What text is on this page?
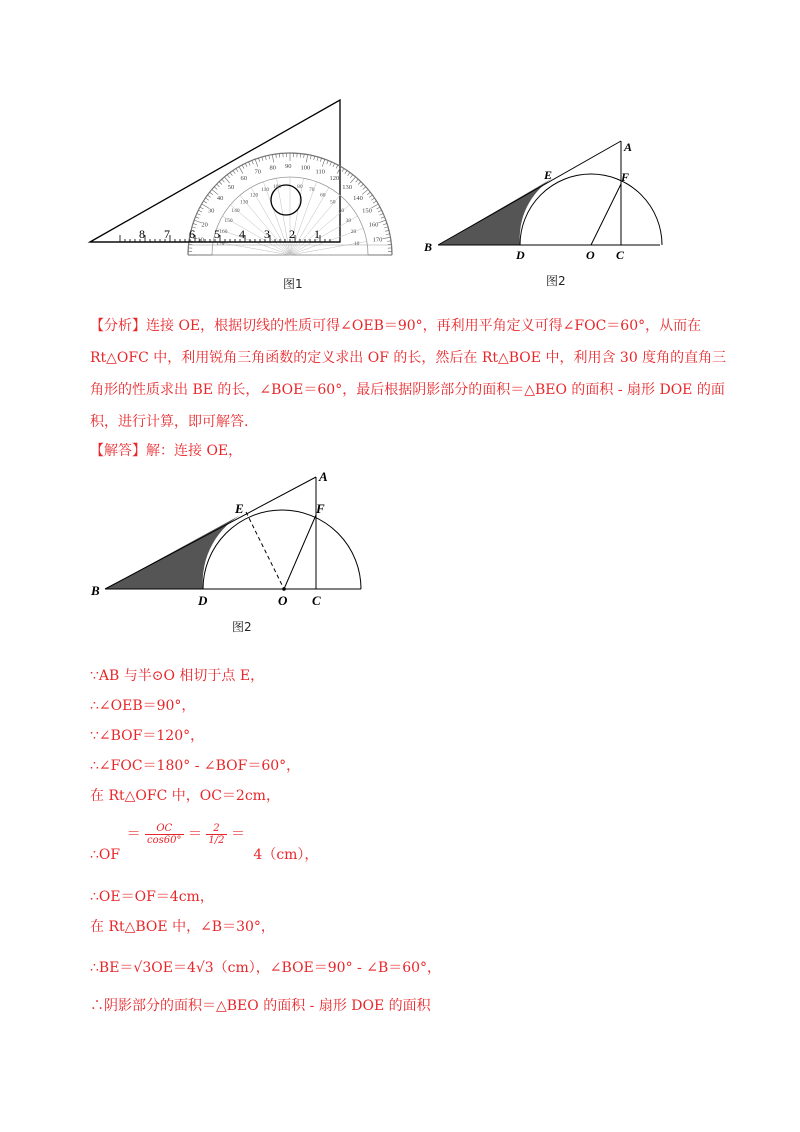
10
20
30
40
50
60
70
80 90 100
110
120
130
140
150
160
170
170
160
150
140
130
120
110
100	80
70
60
50
40
30
20
10
8 7 6 5 4 3 2 1
图1
A
E	F
B
D	O C
图2
【分析】连接 OE，根据切线的性质可得∠OEB＝90°，再利用平角定义可得∠FOC＝60°，从而在 Rt△OFC 中，利用锐角三角函数的定义求出 OF 的长，然后在 Rt△BOE 中，利用含 30 度角的直角三角形的性质求出 BE 的长，∠BOE＝60°，最后根据阴影部分的面积＝△BEO 的面积 - 扇形 DOE 的面积，进行计算，即可解答.
【解答】解：连接 OE，
A
E	F
B
D	O C
图2
∵AB 与半⊙O 相切于点 E，
∴∠OEB＝90°，
∵∠BOF＝120°，
∴∠FOC＝180° - ∠BOF＝60°，
在 Rt△OFC 中，OC＝2cm，
∴OF ＝ $\frac{OC}{\cos 60^\circ} = \frac{2}{1/2} = 4(cm)$，
∴OE＝OF＝4cm，
在 Rt△BOE 中，∠B＝30°，
∴BE＝√3OE＝4√3（cm），∠BOE＝90° - ∠B＝60°，
∴阴影部分的面积＝△BEO 的面积 - 扇形 DOE 的面积
